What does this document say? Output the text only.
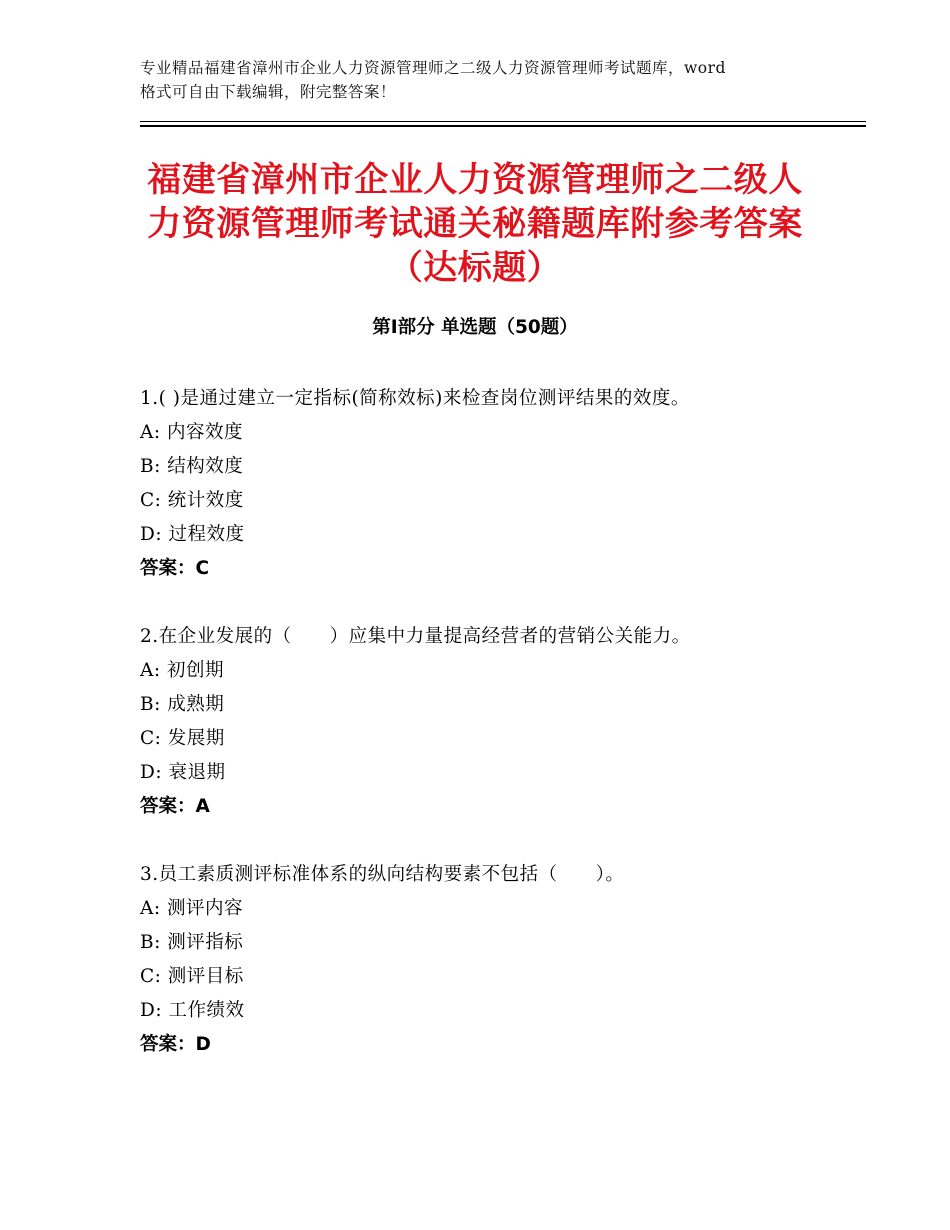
专业精品福建省漳州市企业人力资源管理师之二级人力资源管理师考试题库，word
格式可自由下载编辑，附完整答案！
福建省漳州市企业人力资源管理师之二级人
力资源管理师考试通关秘籍题库附参考答案
（达标题）
第Ⅰ部分 单选题（50题）
1.( )是通过建立一定指标(简称效标)来检查岗位测评结果的效度。
A: 内容效度
B: 结构效度
C: 统计效度
D: 过程效度
答案：C
2.在企业发展的（　　）应集中力量提高经营者的营销公关能力。
A: 初创期
B: 成熟期
C: 发展期
D: 衰退期
答案：A
3.员工素质测评标准体系的纵向结构要素不包括（　　）。
A: 测评内容
B: 测评指标
C: 测评目标
D: 工作绩效
答案：D
